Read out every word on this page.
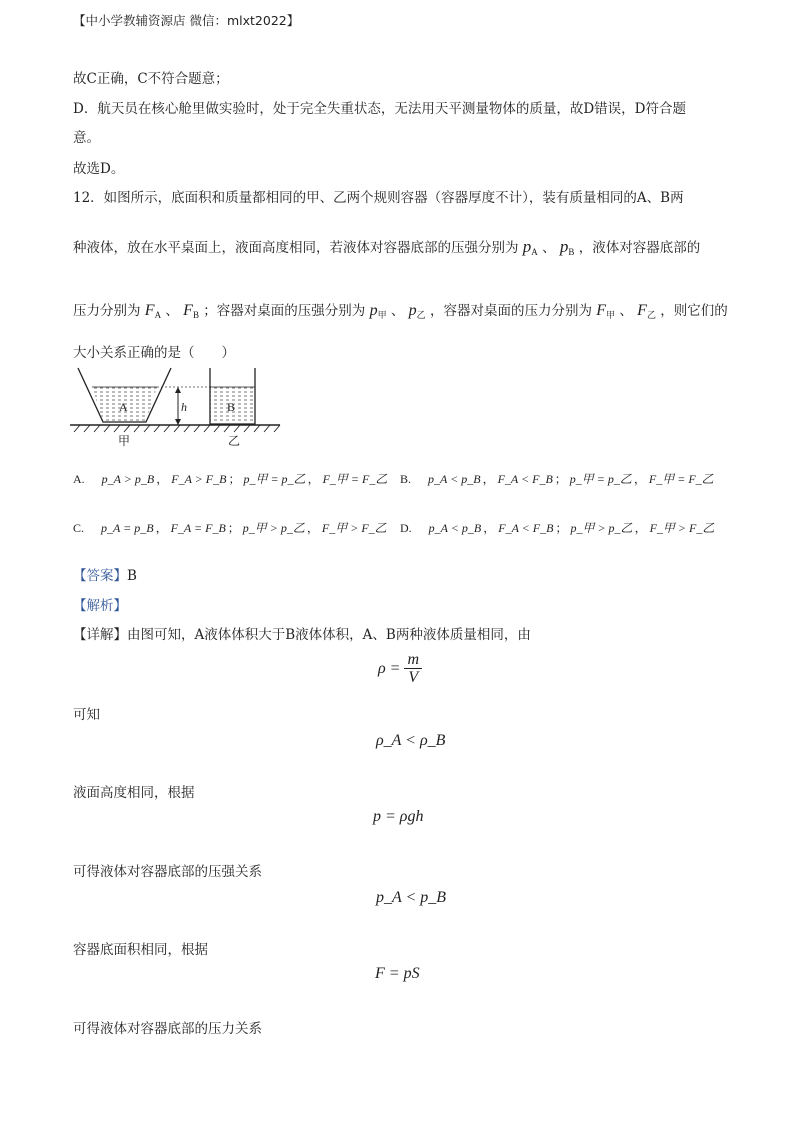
【中小学教辅资源店 微信：mlxt2022】
故C正确，C不符合题意；
D．航天员在核心舱里做实验时，处于完全失重状态，无法用天平测量物体的质量，故D错误，D符合题
意。
故选D。
12．如图所示，底面积和质量都相同的甲、乙两个规则容器（容器厚度不计），装有质量相同的A、B两
种液体，放在水平桌面上，液面高度相同，若液体对容器底部的压强分别为 $p_A$ 、 $p_B$ ，液体对容器底部的
压力分别为 $F_A$ 、 $F_B$ ；容器对桌面的压强分别为 $p_甲$ 、 $p_乙$ ，容器对桌面的压力分别为 $F_甲$ 、 $F_乙$ ，则它们的
大小关系正确的是（　　）
A	h	B
甲	乙
A. p_A > p_B ， F_A > F_B ； p_甲 = p_乙 ， F_甲 = F_乙 B. p_A < p_B ， F_A < F_B ； p_甲 = p_乙 ， F_甲 = F_乙
C. p_A = p_B ， F_A = F_B ； p_甲 > p_乙 ， F_甲 > F_乙 D. p_A < p_B ， F_A < F_B ； p_甲 > p_乙 ， F_甲 > F_乙
【答案】B
【解析】
【详解】由图可知，A液体体积大于B液体体积，A、B两种液体质量相同，由
$\rho = \frac{m}{V}$
可知
ρ_A < ρ_B
液面高度相同，根据
p = ρgh
可得液体对容器底部的压强关系
p_A < p_B
容器底面积相同，根据
F = pS
可得液体对容器底部的压力关系
